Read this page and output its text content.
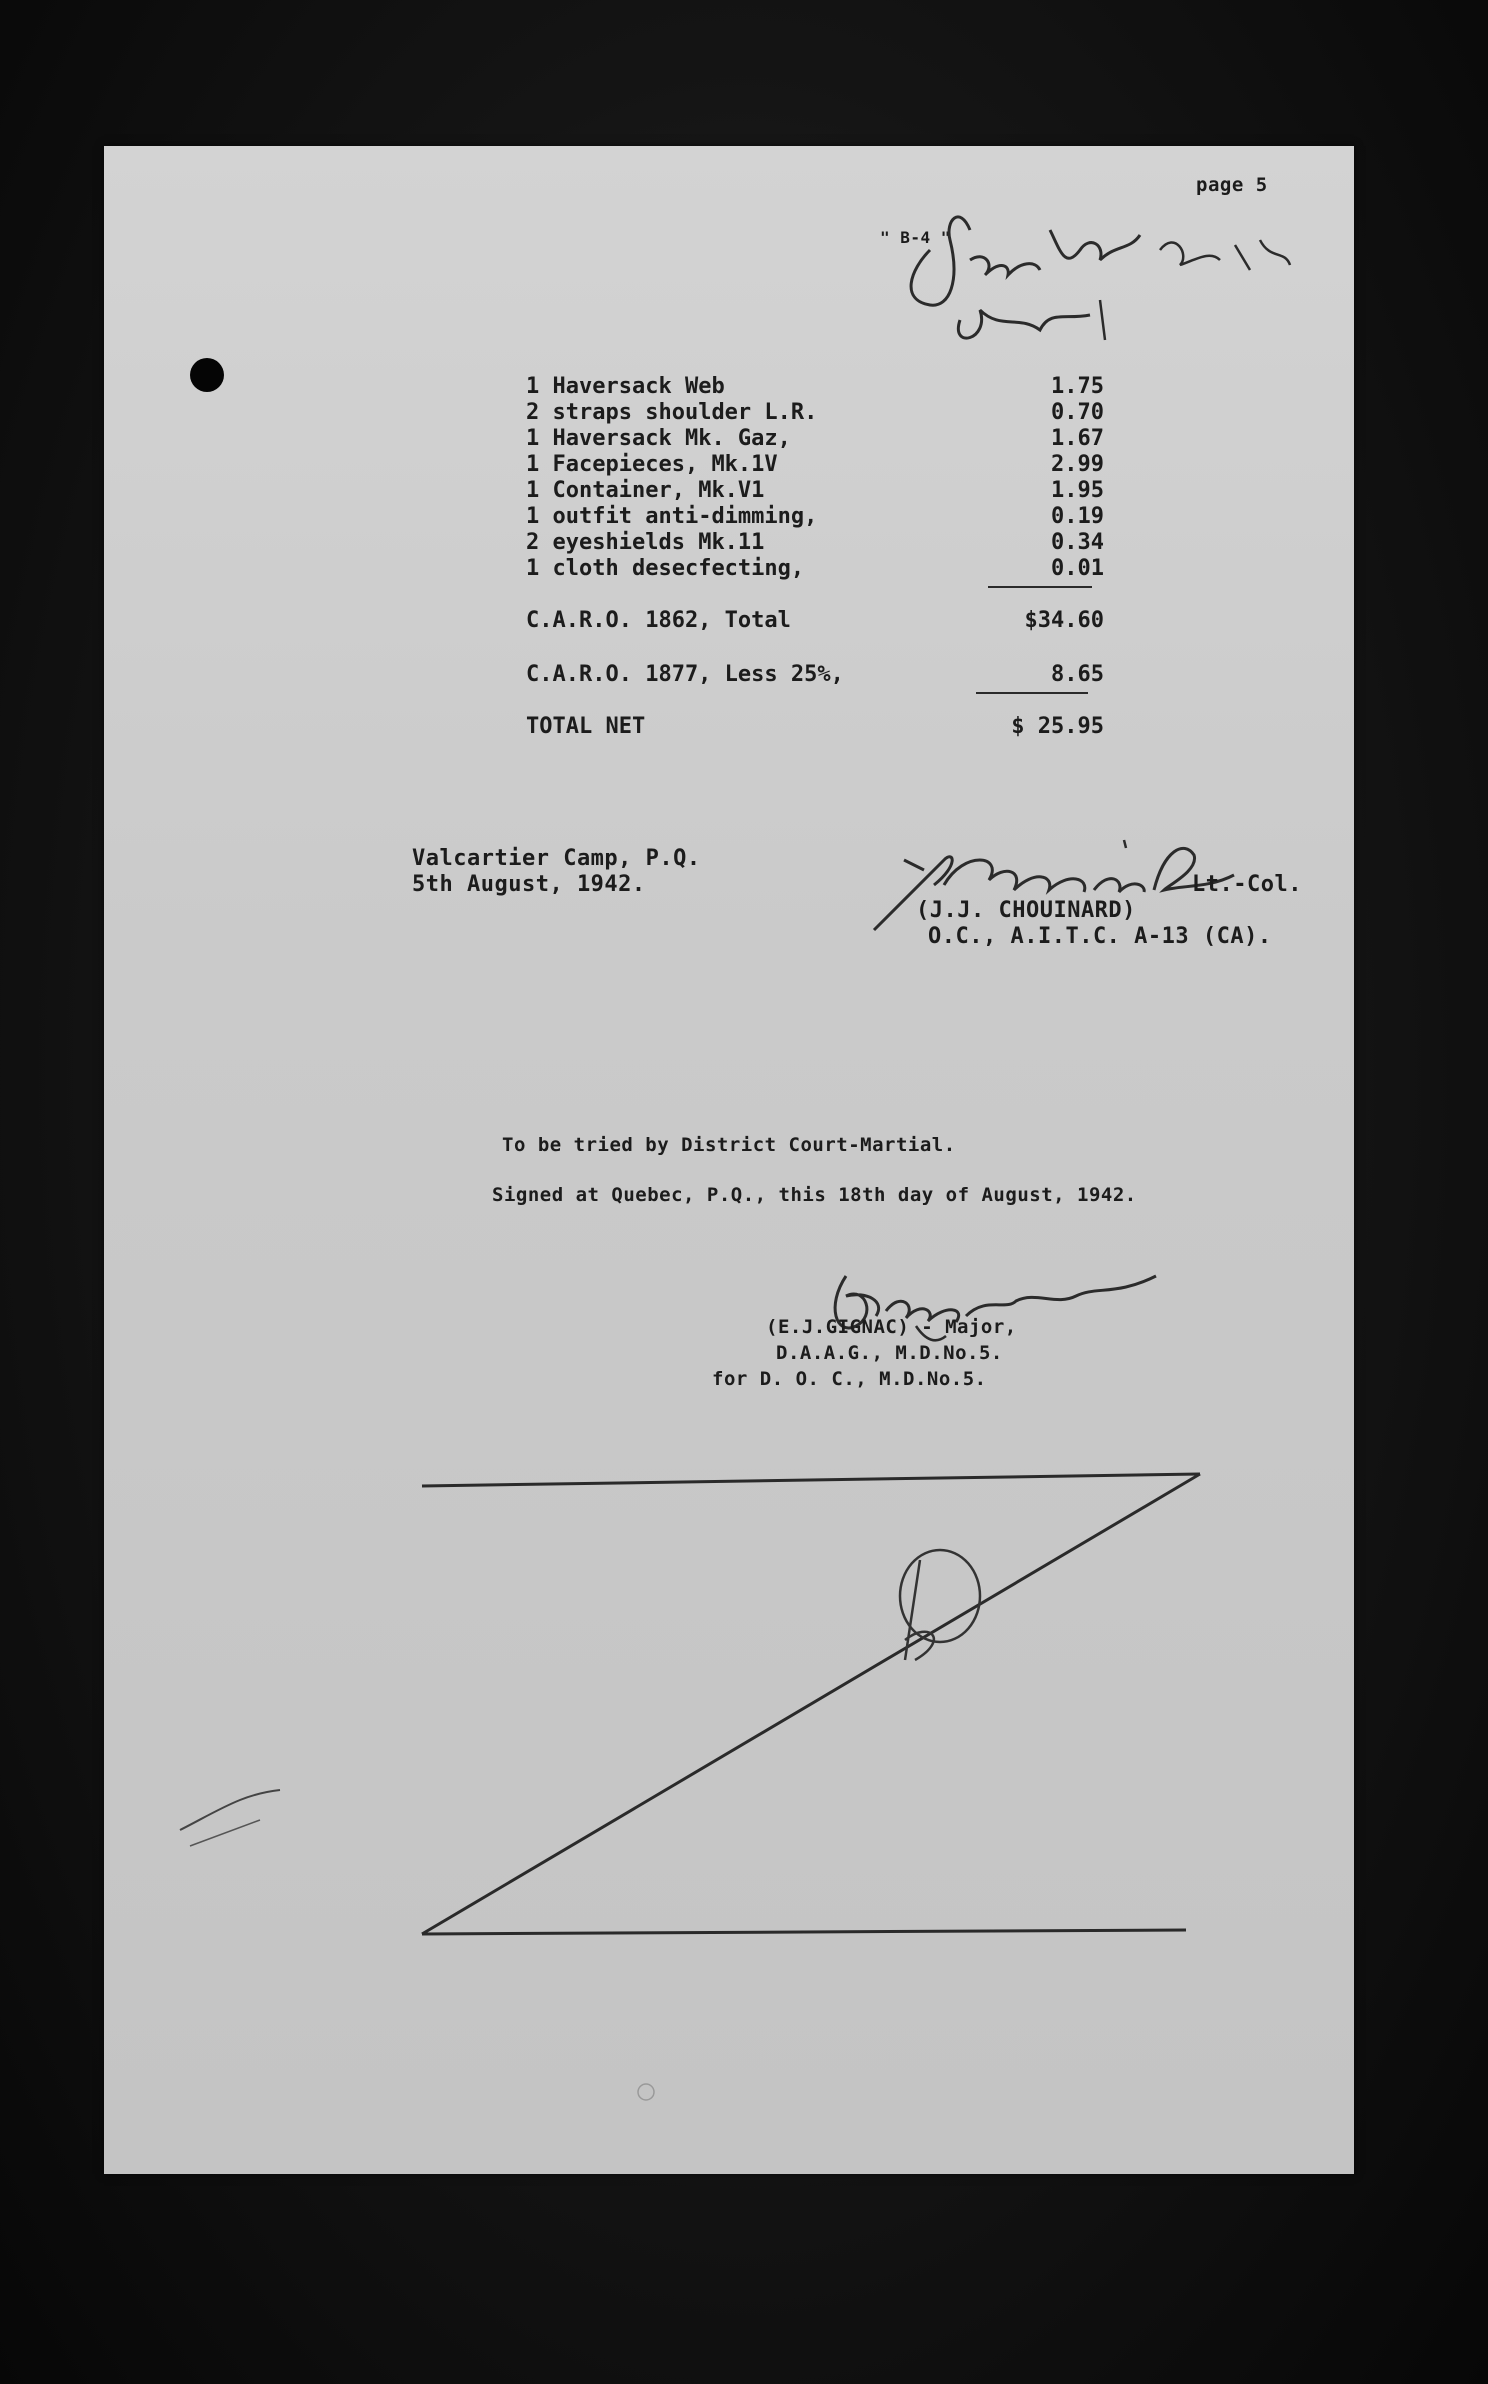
page 5
" B-4 "
1 Haversack Web	1.75
2 straps shoulder L.R.	0.70
1 Haversack Mk. Gaz,	1.67
1 Facepieces, Mk.1V	2.99
1 Container, Mk.V1	1.95
1 outfit anti-dimming,	0.19
2 eyeshields Mk.11	0.34
1 cloth desecfecting,	0.01
C.A.R.O. 1862, Total	$34.60
C.A.R.O. 1877, Less 25%,	8.65
TOTAL NET	$ 25.95
Valcartier Camp, P.Q.
5th August, 1942.	Lt.-Col.
(J.J. CHOUINARD)
O.C., A.I.T.C. A-13 (CA).
To be tried by District Court-Martial.
Signed at Quebec, P.Q., this 18th day of August, 1942.
(E.J.GIGNAC) - Major,
D.A.A.G., M.D.No.5.
for D. O. C., M.D.No.5.
